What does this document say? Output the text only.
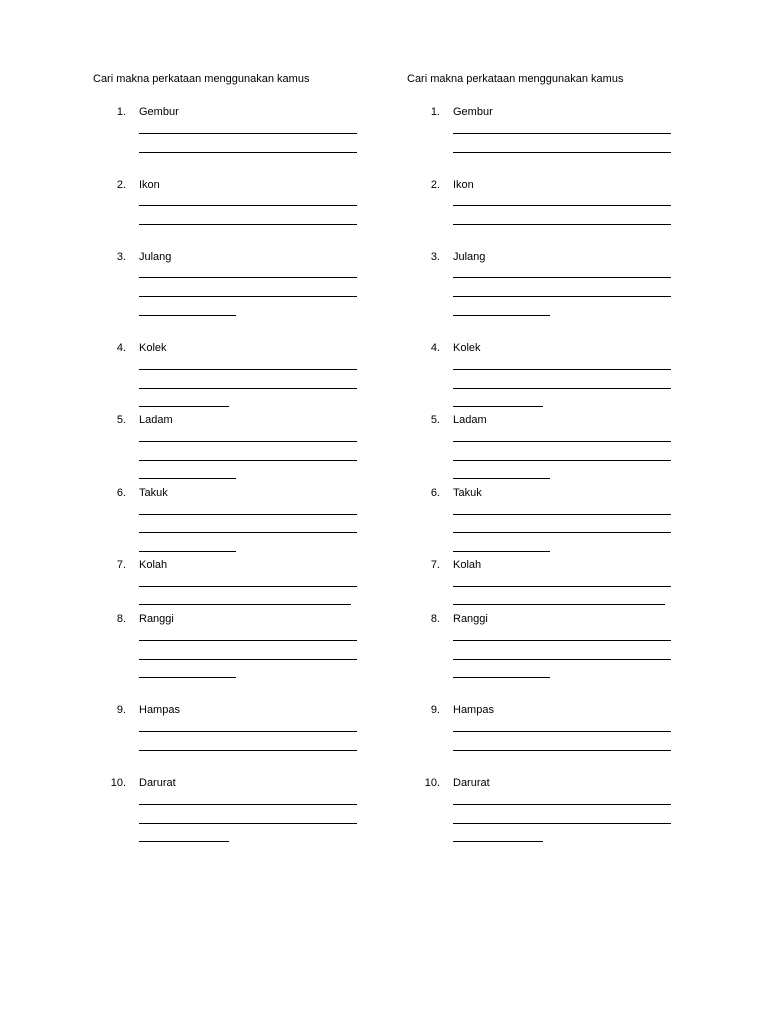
Cari makna perkataan menggunakan kamus
1. Gembur
2. Ikon
3. Julang
4. Kolek
5. Ladam
6. Takuk
7. Kolah
8. Ranggi
9. Hampas
10. Darurat
Cari makna perkataan menggunakan kamus
1. Gembur
2. Ikon
3. Julang
4. Kolek
5. Ladam
6. Takuk
7. Kolah
8. Ranggi
9. Hampas
10. Darurat
